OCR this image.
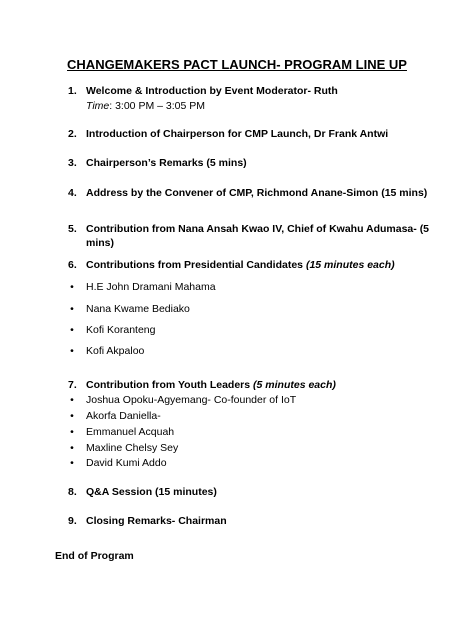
CHANGEMAKERS PACT LAUNCH- PROGRAM LINE UP
1. Welcome & Introduction by Event Moderator- Ruth
Time: 3:00 PM – 3:05 PM
2. Introduction of Chairperson for CMP Launch, Dr Frank Antwi
3. Chairperson’s Remarks (5 mins)
4. Address by the Convener of CMP, Richmond Anane-Simon (15 mins)
5. Contribution from Nana Ansah Kwao IV, Chief of Kwahu Adumasa- (5
mins)
6. Contributions from Presidential Candidates (15 minutes each)
• H.E John Dramani Mahama
• Nana Kwame Bediako
• Kofi Koranteng
• Kofi Akpaloo
7. Contribution from Youth Leaders (5 minutes each)
• Joshua Opoku-Agyemang- Co-founder of IoT
• Akorfa Daniella-
• Emmanuel Acquah
• Maxline Chelsy Sey
• David Kumi Addo
8. Q&A Session (15 minutes)
9. Closing Remarks- Chairman
End of Program
